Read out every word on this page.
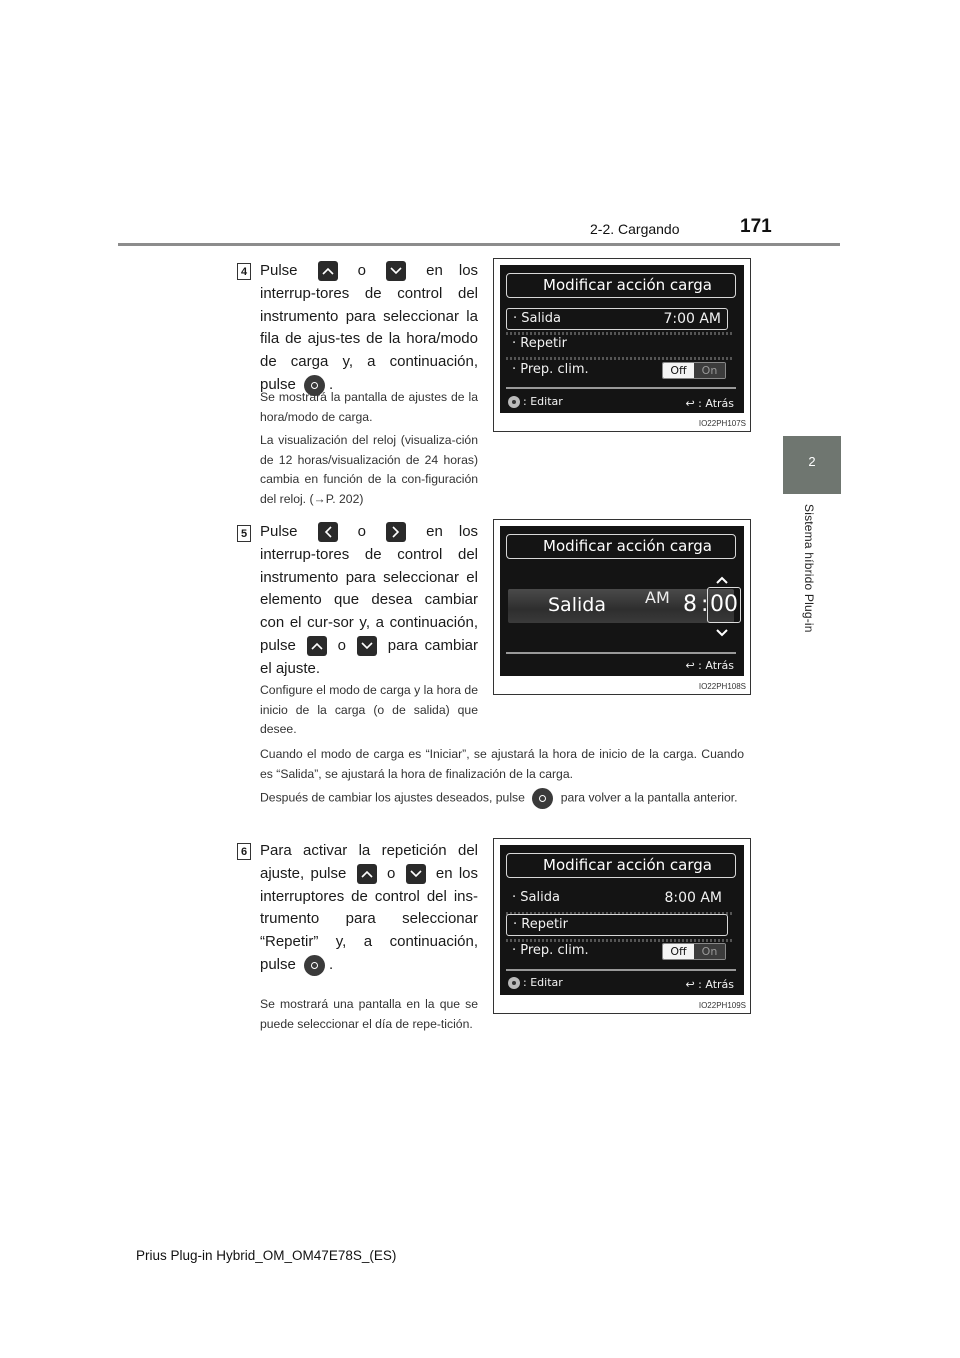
2-2. Cargando	171
2
Sistema híbrido Plug-in
4 Pulse	o	en los interrup-tores de control del instrumento para seleccionar la fila de ajus-tes de la hora/modo de carga y, a continuación, pulse .
Se mostrará la pantalla de ajustes de la hora/modo de carga.
La visualización del reloj (visualiza-ción de 12 horas/visualización de 24 horas) cambia en función de la con-figuración del reloj. (→P. 202)
Modificar acción carga
· Salida	7:00 AM
· Repetir
· Prep. clim.	Off	On
: Editar	↩ : Atrás
IO22PH107S
5 Pulse	o	en los interrup-tores de control del instrumento para seleccionar el elemento que desea cambiar con el cur-sor y, a continuación, pulse	o	para cambiar el ajuste.
Configure el modo de carga y la hora de inicio de la carga (o de salida) que desee.
Cuando el modo de carga es “Iniciar”, se ajustará la hora de inicio de la carga. Cuando es “Salida”, se ajustará la hora de finalización de la carga.
Después de cambiar los ajustes deseados, pulse	para volver a la pantalla anterior.
Modificar acción carga
Salida AM 8 : 00
↩ : Atrás
IO22PH108S
6 Para activar la repetición del ajuste, pulse	o	en los interruptores de control del ins-trumento para seleccionar “Repetir” y, a continuación, pulse .
Se mostrará una pantalla en la que se puede seleccionar el día de repe-tición.
Modificar acción carga
· Salida	8:00 AM
· Repetir
· Prep. clim.	Off	On
: Editar	↩ : Atrás
IO22PH109S
Prius Plug-in Hybrid_OM_OM47E78S_(ES)
